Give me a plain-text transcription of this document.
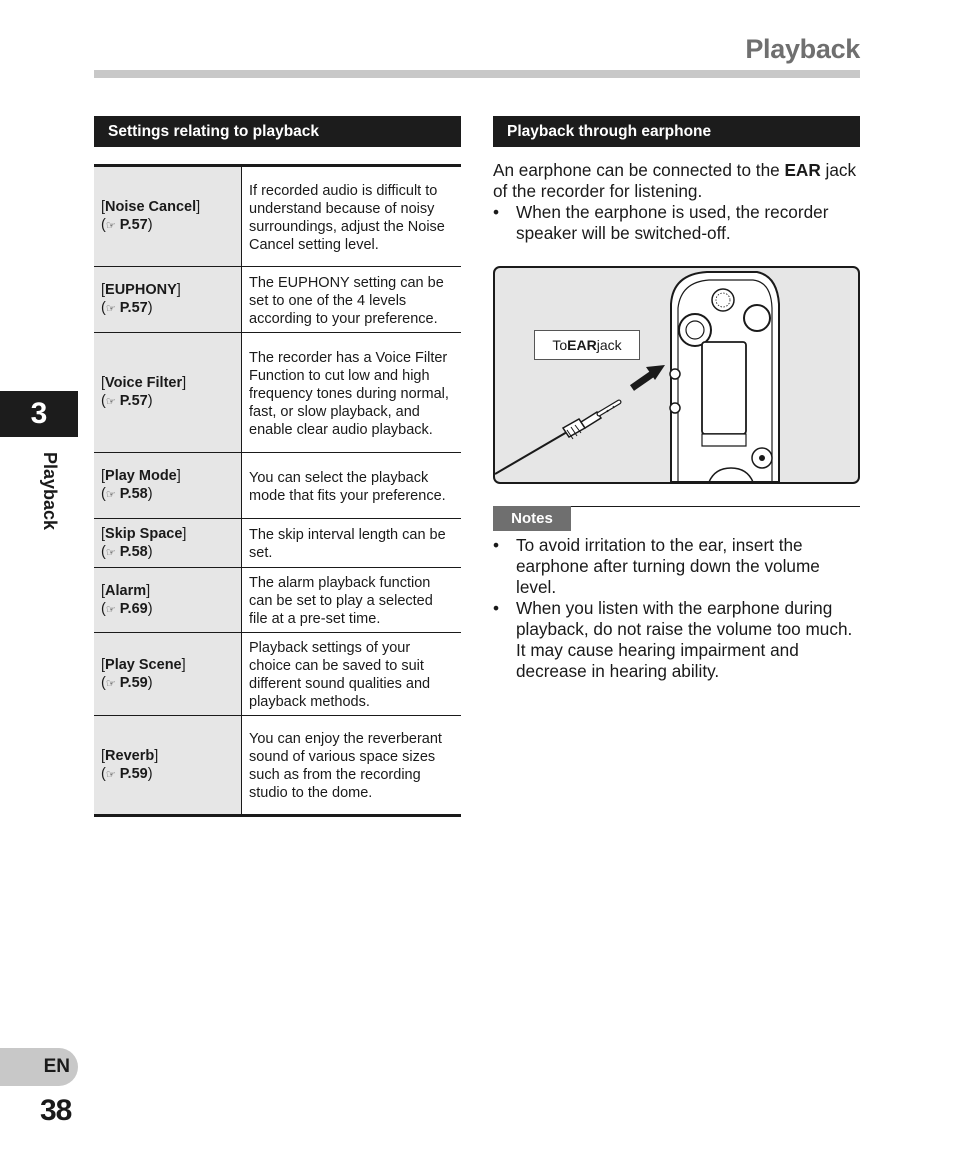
Playback
3
Playback
Settings relating to playback
[Noise Cancel]
(☞ P.57)	If recorded audio is difficult to understand because of noisy surroundings, adjust the Noise Cancel setting level.

[EUPHONY]
(☞ P.57)	The EUPHONY setting can be set to one of the 4 levels according to your preference.

[Voice Filter]
(☞ P.57)	The recorder has a Voice Filter Function to cut low and high frequency tones during normal, fast, or slow playback, and enable clear audio playback.

[Play Mode]
(☞ P.58)	You can select the playback mode that fits your preference.

[Skip Space]
(☞ P.58)	The skip interval length can be set.

[Alarm]
(☞ P.69)	The alarm playback function can be set to play a selected file at a pre-set time.

[Play Scene]
(☞ P.59)	Playback settings of your choice can be saved to suit different sound qualities and playback methods.

[Reverb]
(☞ P.59)	You can enjoy the reverberant sound of various space sizes such as from the recording studio to the dome.
Playback through earphone
An earphone can be connected to the EAR jack of the recorder for listening.
• When the earphone is used, the recorder speaker will be switched-off.
To EAR jack
Notes
• To avoid irritation to the ear, insert the earphone after turning down the volume level.
• When you listen with the earphone during playback, do not raise the volume too much. It may cause hearing impairment and decrease in hearing ability.
EN
38
